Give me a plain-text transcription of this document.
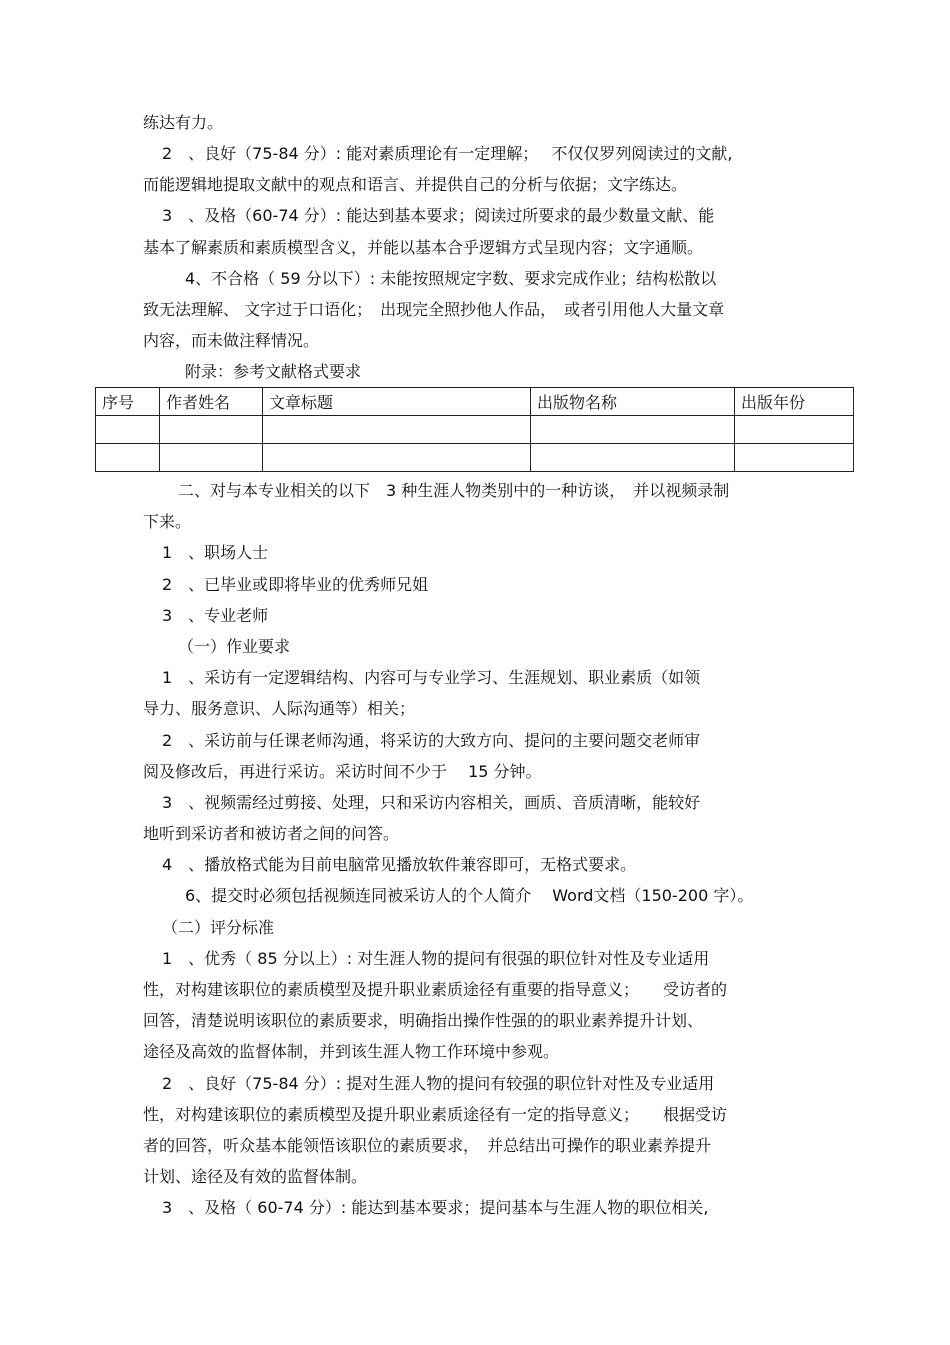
练达有力。
2　、良好（75-84 分）: 能对素质理论有一定理解；　 不仅仅罗列阅读过的文献,
而能逻辑地提取文献中的观点和语言、并提供自己的分析与依据；文字练达。
3　、及格（60-74 分）: 能达到基本要求；阅读过所要求的最少数量文献、能
基本了解素质和素质模型含义，并能以基本合乎逻辑方式呈现内容；文字通顺。
4、不合格（ 59 分以下）: 未能按照规定字数、要求完成作业；结构松散以
致无法理解、 文字过于口语化；　出现完全照抄他人作品，　或者引用他人大量文章
内容，而未做注释情况。
附录：参考文献格式要求
序号	作者姓名	文章标题	出版物名称	出版年份

二、对与本专业相关的以下　3 种生涯人物类别中的一种访谈，　并以视频录制
下来。
1　、职场人士
2　、已毕业或即将毕业的优秀师兄姐
3　、专业老师
（一）作业要求
1　、采访有一定逻辑结构、内容可与专业学习、生涯规划、职业素质（如领
导力、服务意识、人际沟通等）相关；
2　、采访前与任课老师沟通，将采访的大致方向、提问的主要问题交老师审
阅及修改后，再进行采访。采访时间不少于　 15 分钟。
3　、视频需经过剪接、处理，只和采访内容相关，画质、音质清晰，能较好
地听到采访者和被访者之间的问答。
4　、播放格式能为目前电脑常见播放软件兼容即可，无格式要求。
6、提交时必须包括视频连同被采访人的个人简介　 Word文档（150-200 字）。
（二）评分标准
1　、优秀（ 85 分以上）: 对生涯人物的提问有很强的职位针对性及专业适用
性，对构建该职位的素质模型及提升职业素质途径有重要的指导意义；　　受访者的
回答，清楚说明该职位的素质要求，明确指出操作性强的的职业素养提升计划、
途径及高效的监督体制，并到该生涯人物工作环境中参观。
2　、良好（75-84 分）: 提对生涯人物的提问有较强的职位针对性及专业适用
性，对构建该职位的素质模型及提升职业素质途径有一定的指导意义；　　根据受访
者的回答，听众基本能领悟该职位的素质要求，　并总结出可操作的职业素养提升
计划、途径及有效的监督体制。
3　、及格（ 60-74 分）: 能达到基本要求；提问基本与生涯人物的职位相关,
